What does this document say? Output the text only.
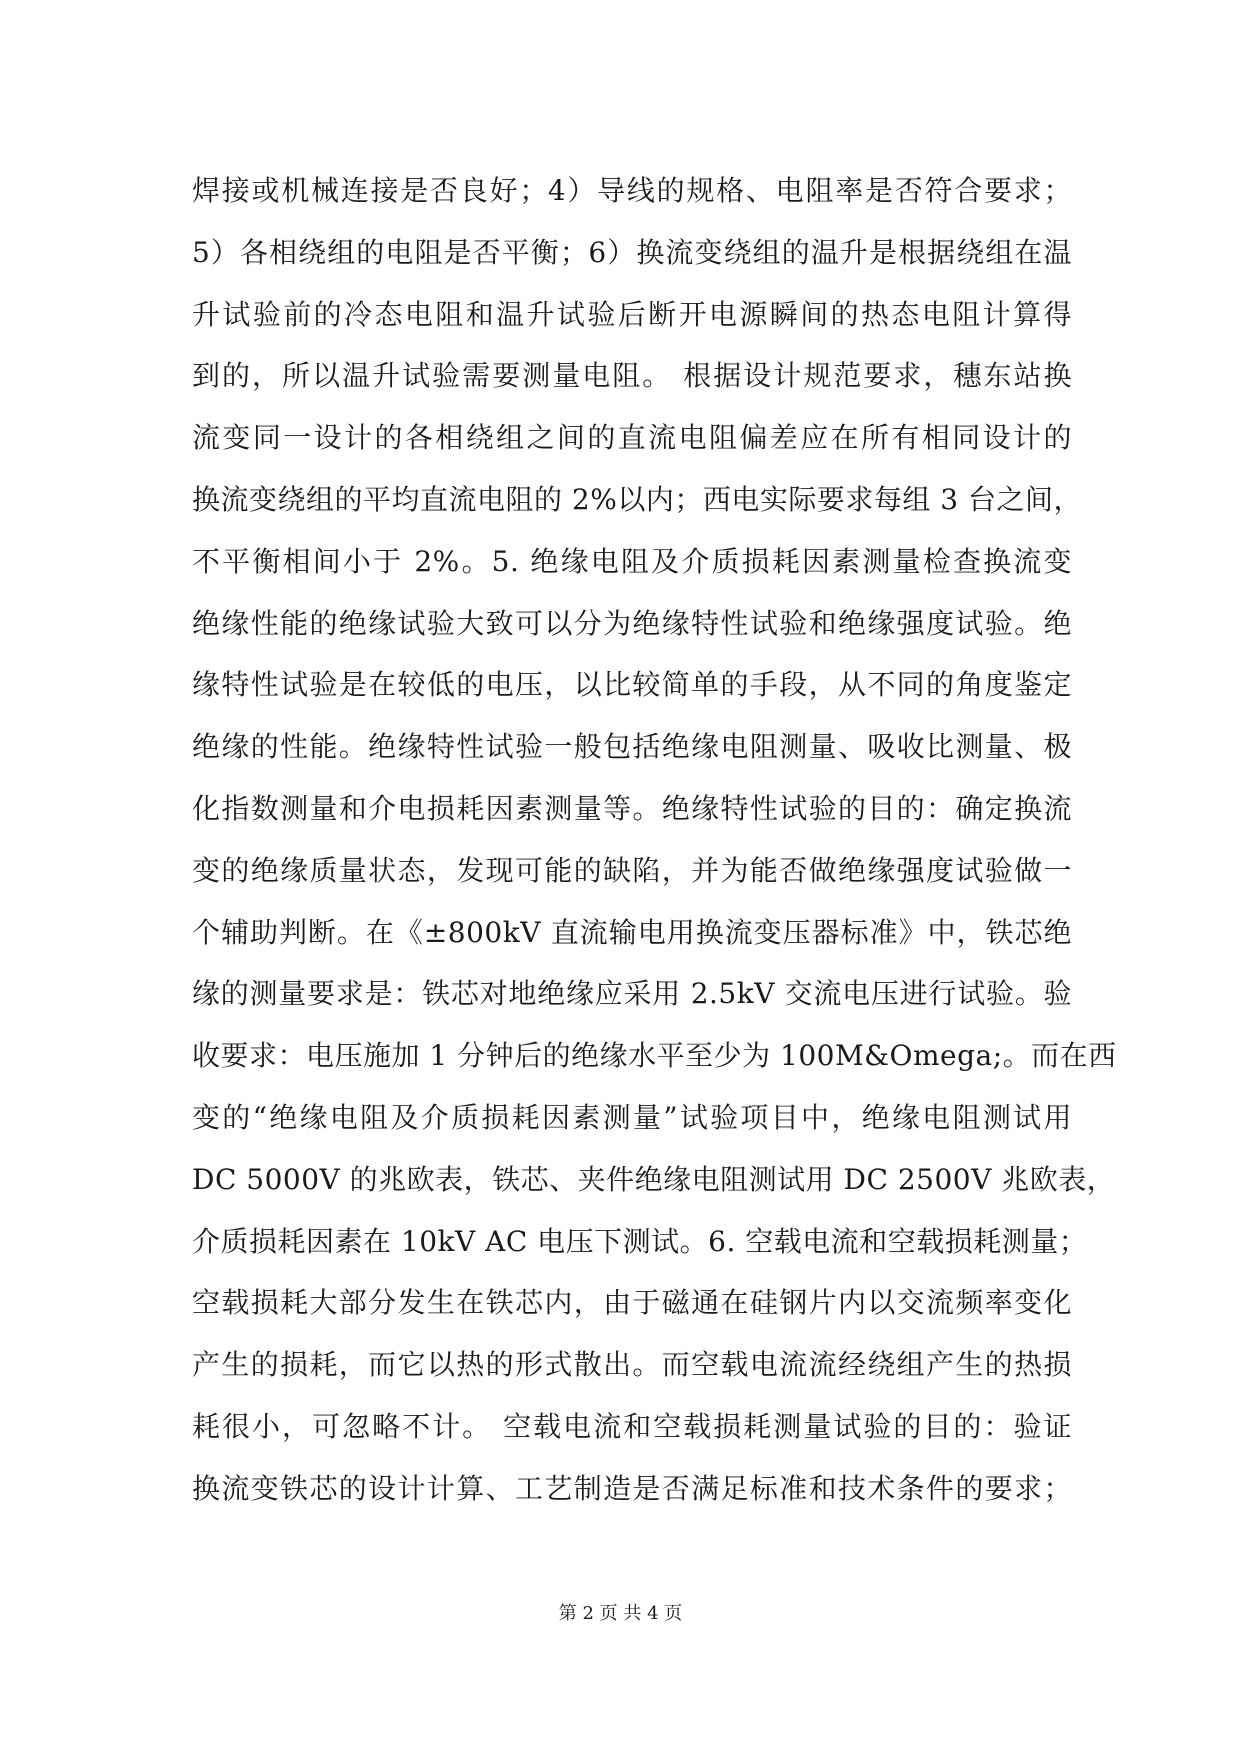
焊接或机械连接是否良好；4）导线的规格、电阻率是否符合要求；
5）各相绕组的电阻是否平衡；6）换流变绕组的温升是根据绕组在温
升试验前的冷态电阻和温升试验后断开电源瞬间的热态电阻计算得
到的，所以温升试验需要测量电阻。 根据设计规范要求，穗东站换
流变同一设计的各相绕组之间的直流电阻偏差应在所有相同设计的
换流变绕组的平均直流电阻的 2%以内；西电实际要求每组 3 台之间，
不平衡相间小于 2%。5. 绝缘电阻及介质损耗因素测量检查换流变
绝缘性能的绝缘试验大致可以分为绝缘特性试验和绝缘强度试验。绝
缘特性试验是在较低的电压，以比较简单的手段，从不同的角度鉴定
绝缘的性能。绝缘特性试验一般包括绝缘电阻测量、吸收比测量、极
化指数测量和介电损耗因素测量等。绝缘特性试验的目的：确定换流
变的绝缘质量状态，发现可能的缺陷，并为能否做绝缘强度试验做一
个辅助判断。在《±800kV 直流输电用换流变压器标准》中，铁芯绝
缘的测量要求是：铁芯对地绝缘应采用 2.5kV 交流电压进行试验。验
收要求：电压施加 1 分钟后的绝缘水平至少为 100M&Omega;。而在西
变的“绝缘电阻及介质损耗因素测量”试验项目中，绝缘电阻测试用
DC 5000V 的兆欧表，铁芯、夹件绝缘电阻测试用 DC 2500V 兆欧表，
介质损耗因素在 10kV AC 电压下测试。6. 空载电流和空载损耗测量；
空载损耗大部分发生在铁芯内，由于磁通在硅钢片内以交流频率变化
产生的损耗，而它以热的形式散出。而空载电流流经绕组产生的热损
耗很小，可忽略不计。 空载电流和空载损耗测量试验的目的：验证
换流变铁芯的设计计算、工艺制造是否满足标准和技术条件的要求；
第 2 页 共 4 页
